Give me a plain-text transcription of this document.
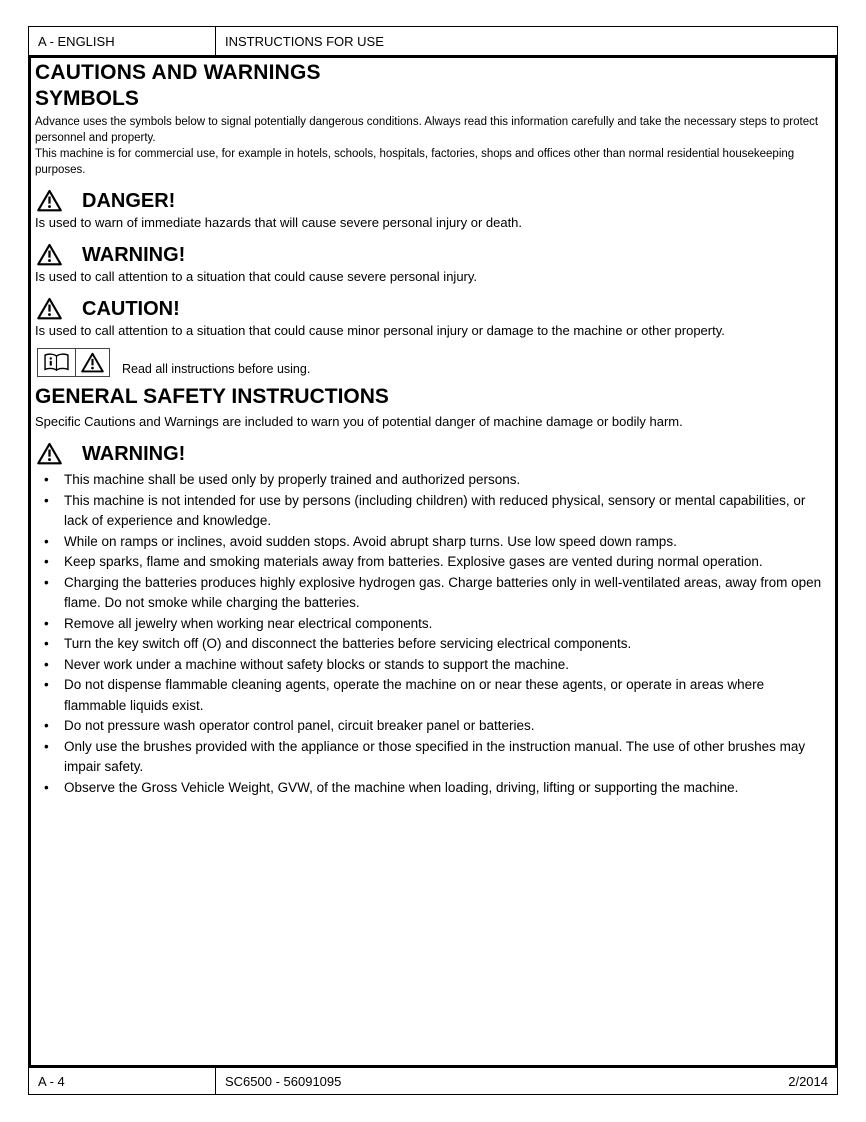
A - ENGLISH	INSTRUCTIONS FOR USE
CAUTIONS AND WARNINGS
SYMBOLS

Advance uses the symbols below to signal potentially dangerous conditions. Always read this information carefully and take the necessary steps to protect personnel and property.

This machine is for commercial use, for example in hotels, schools, hospitals, factories, shops and offices other than normal residential housekeeping purposes.

DANGER!

Is used to warn of immediate hazards that will cause severe personal injury or death.

WARNING!

Is used to call attention to a situation that could cause severe personal injury.

CAUTION!

Is used to call attention to a situation that could cause minor personal injury or damage to the machine or other property.

Read all instructions before using.

GENERAL SAFETY INSTRUCTIONS

Specific Cautions and Warnings are included to warn you of potential danger of machine damage or bodily harm.

WARNING!
• This machine shall be used only by properly trained and authorized persons.
• This machine is not intended for use by persons (including children) with reduced physical, sensory or mental capabilities, or lack of experience and knowledge.
• While on ramps or inclines, avoid sudden stops. Avoid abrupt sharp turns. Use low speed down ramps.
• Keep sparks, flame and smoking materials away from batteries. Explosive gases are vented during normal operation.
• Charging the batteries produces highly explosive hydrogen gas. Charge batteries only in well-ventilated areas, away from open flame. Do not smoke while charging the batteries.
• Remove all jewelry when working near electrical components.
• Turn the key switch off (O) and disconnect the batteries before servicing electrical components.
• Never work under a machine without safety blocks or stands to support the machine.
• Do not dispense flammable cleaning agents, operate the machine on or near these agents, or operate in areas where flammable liquids exist.
• Do not pressure wash operator control panel, circuit breaker panel or batteries.
• Only use the brushes provided with the appliance or those specified in the instruction manual. The use of other brushes may impair safety.
• Observe the Gross Vehicle Weight, GVW, of the machine when loading, driving, lifting or supporting the machine.
A - 4	SC6500 - 56091095	2/2014
